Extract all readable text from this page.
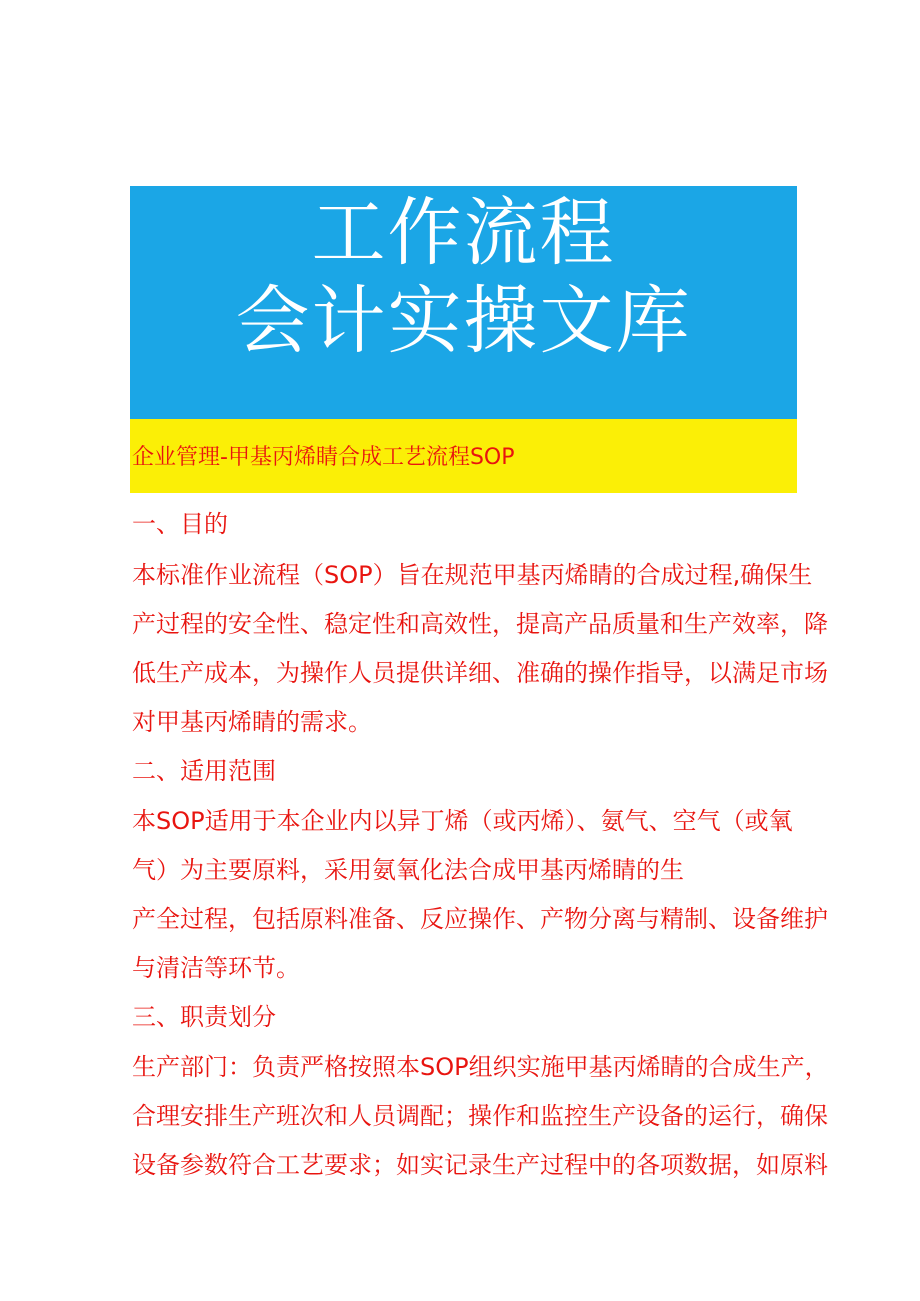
工作流程
会计实操文库
企业管理-甲基丙烯睛合成工艺流程SOP
一、目的
本标准作业流程（SOP）旨在规范甲基丙烯睛的合成过程,确保生
产过程的安全性、稳定性和高效性，提高产品质量和生产效率，降
低生产成本，为操作人员提供详细、准确的操作指导，以满足市场
对甲基丙烯睛的需求。
二、适用范围
本SOP适用于本企业内以异丁烯（或丙烯）、氨气、空气（或氧
气）为主要原料，采用氨氧化法合成甲基丙烯睛的生
产全过程，包括原料准备、反应操作、产物分离与精制、设备维护
与清洁等环节。
三、职责划分
生产部门：负责严格按照本SOP组织实施甲基丙烯睛的合成生产，
合理安排生产班次和人员调配；操作和监控生产设备的运行，确保
设备参数符合工艺要求；如实记录生产过程中的各项数据，如原料
